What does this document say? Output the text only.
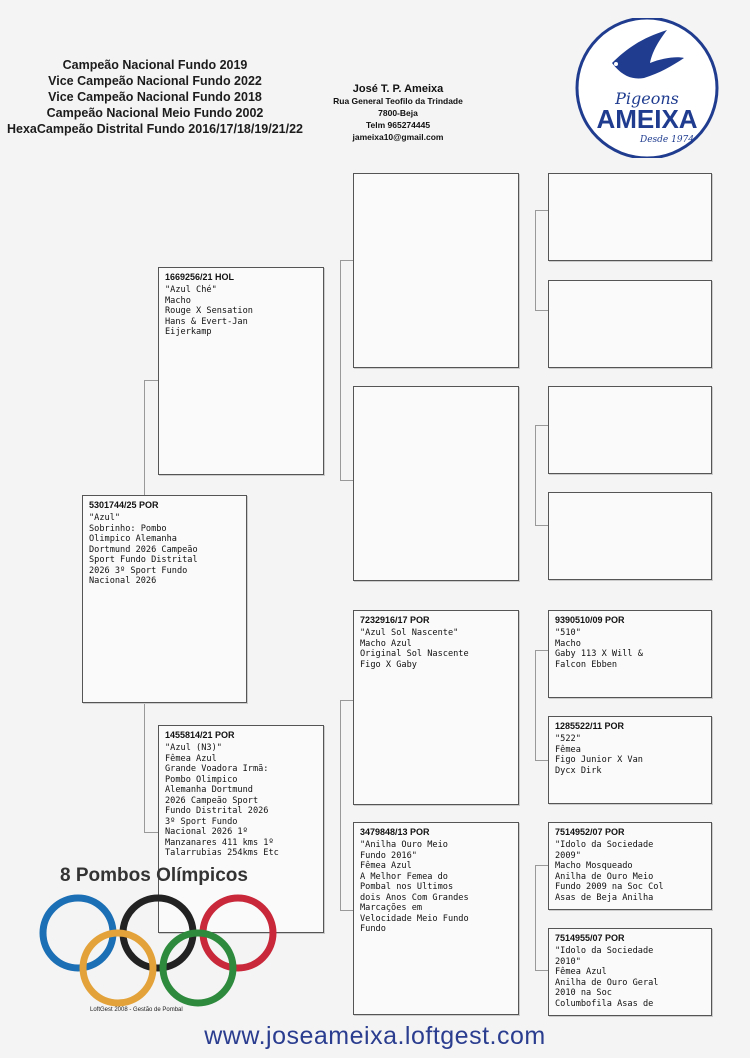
Campeão Nacional Fundo 2019
Vice Campeão Nacional Fundo 2022
Vice Campeão Nacional Fundo 2018
Campeão Nacional Meio Fundo 2002
HexaCampeão Distrital Fundo 2016/17/18/19/21/22
José T. P. Ameixa
Rua General Teofilo da Trindade
7800-Beja
Telm 965274445
jameixa10@gmail.com
Pigeons
AMEIXA
Desde 1974
5301744/25 POR
"Azul"
Sobrinho: Pombo
Olimpico Alemanha
Dortmund 2026 Campeão
Sport Fundo Distrital
2026 3º Sport Fundo
Nacional 2026
1669256/21 HOL
"Azul Ché"
Macho
Rouge X Sensation
Hans & Evert-Jan
Eijerkamp
1455814/21 POR
"Azul (N3)"
Fêmea Azul
Grande Voadora Irmã:
Pombo Olimpico
Alemanha Dortmund
2026 Campeão Sport
Fundo Distrital 2026
3º Sport Fundo
Nacional 2026 1º
Manzanares 411 kms 1º
Talarrubias 254kms Etc
7232916/17 POR
"Azul Sol Nascente"
Macho Azul
Original Sol Nascente
Figo X Gaby
3479848/13 POR
"Anilha Ouro Meio
Fundo 2016"
Fêmea Azul
A Melhor Femea do
Pombal nos Ultimos
dois Anos Com Grandes
Marcações em
Velocidade Meio Fundo
Fundo
9390510/09 POR
"510"
Macho
Gaby 113 X Will &
Falcon Ebben
1285522/11 POR
"522"
Fêmea
Figo Junior X Van
Dycx Dirk
7514952/07 POR
"Idolo da Sociedade
2009"
Macho Mosqueado
Anilha de Ouro Meio
Fundo 2009 na Soc Col
Asas de Beja Anilha
7514955/07 POR
"Idolo da Sociedade
2010"
Fêmea Azul
Anilha de Ouro Geral
2010 na Soc
Columbofila Asas de
8 Pombos Olímpicos
LoftGest 2008 - Gestão de Pombal
www.joseameixa.loftgest.com
